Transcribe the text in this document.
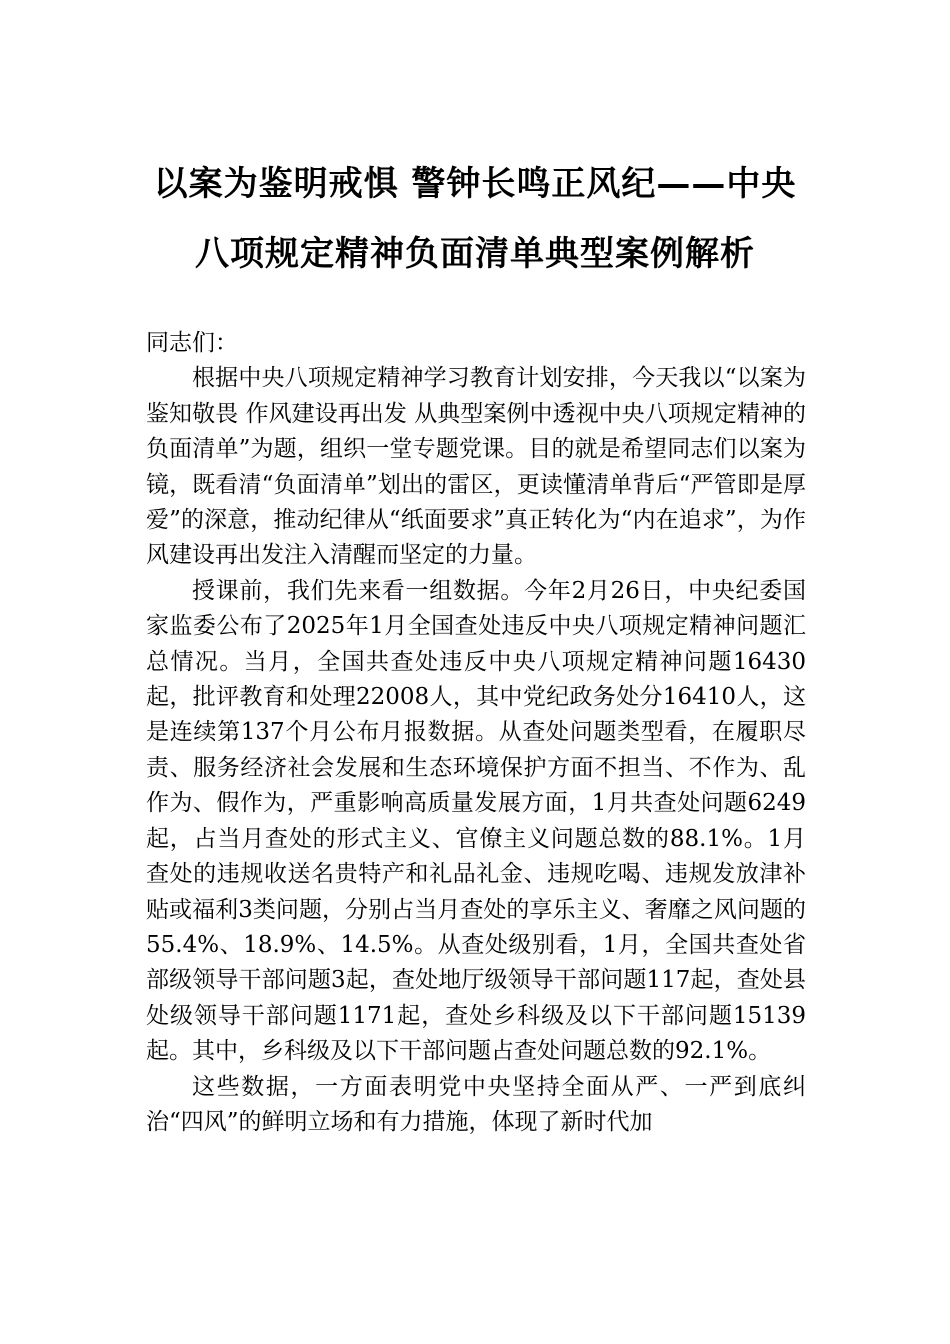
以案为鉴明戒惧 警钟长鸣正风纪——中央
八项规定精神负面清单典型案例解析

同志们：

根据中央八项规定精神学习教育计划安排，今天我以“以案为鉴知敬畏 作风建设再出发 从典型案例中透视中央八项规定精神的负面清单”为题，组织一堂专题党课。目的就是希望同志们以案为镜，既看清“负面清单”划出的雷区，更读懂清单背后“严管即是厚爱”的深意，推动纪律从“纸面要求”真正转化为“内在追求”，为作风建设再出发注入清醒而坚定的力量。

授课前，我们先来看一组数据。今年2月26日，中央纪委国家监委公布了2025年1月全国查处违反中央八项规定精神问题汇总情况。当月，全国共查处违反中央八项规定精神问题16430起，批评教育和处理22008人，其中党纪政务处分16410人，这是连续第137个月公布月报数据。从查处问题类型看，在履职尽责、服务经济社会发展和生态环境保护方面不担当、不作为、乱作为、假作为，严重影响高质量发展方面，1月共查处问题6249起，占当月查处的形式主义、官僚主义问题总数的88.1%。1月查处的违规收送名贵特产和礼品礼金、违规吃喝、违规发放津补贴或福利3类问题，分别占当月查处的享乐主义、奢靡之风问题的55.4%、18.9%、14.5%。从查处级别看，1月，全国共查处省部级领导干部问题3起，查处地厅级领导干部问题117起，查处县处级领导干部问题1171起，查处乡科级及以下干部问题15139起。其中，乡科级及以下干部问题占查处问题总数的92.1%。

这些数据，一方面表明党中央坚持全面从严、一严到底纠治“四风”的鲜明立场和有力措施，体现了新时代加
